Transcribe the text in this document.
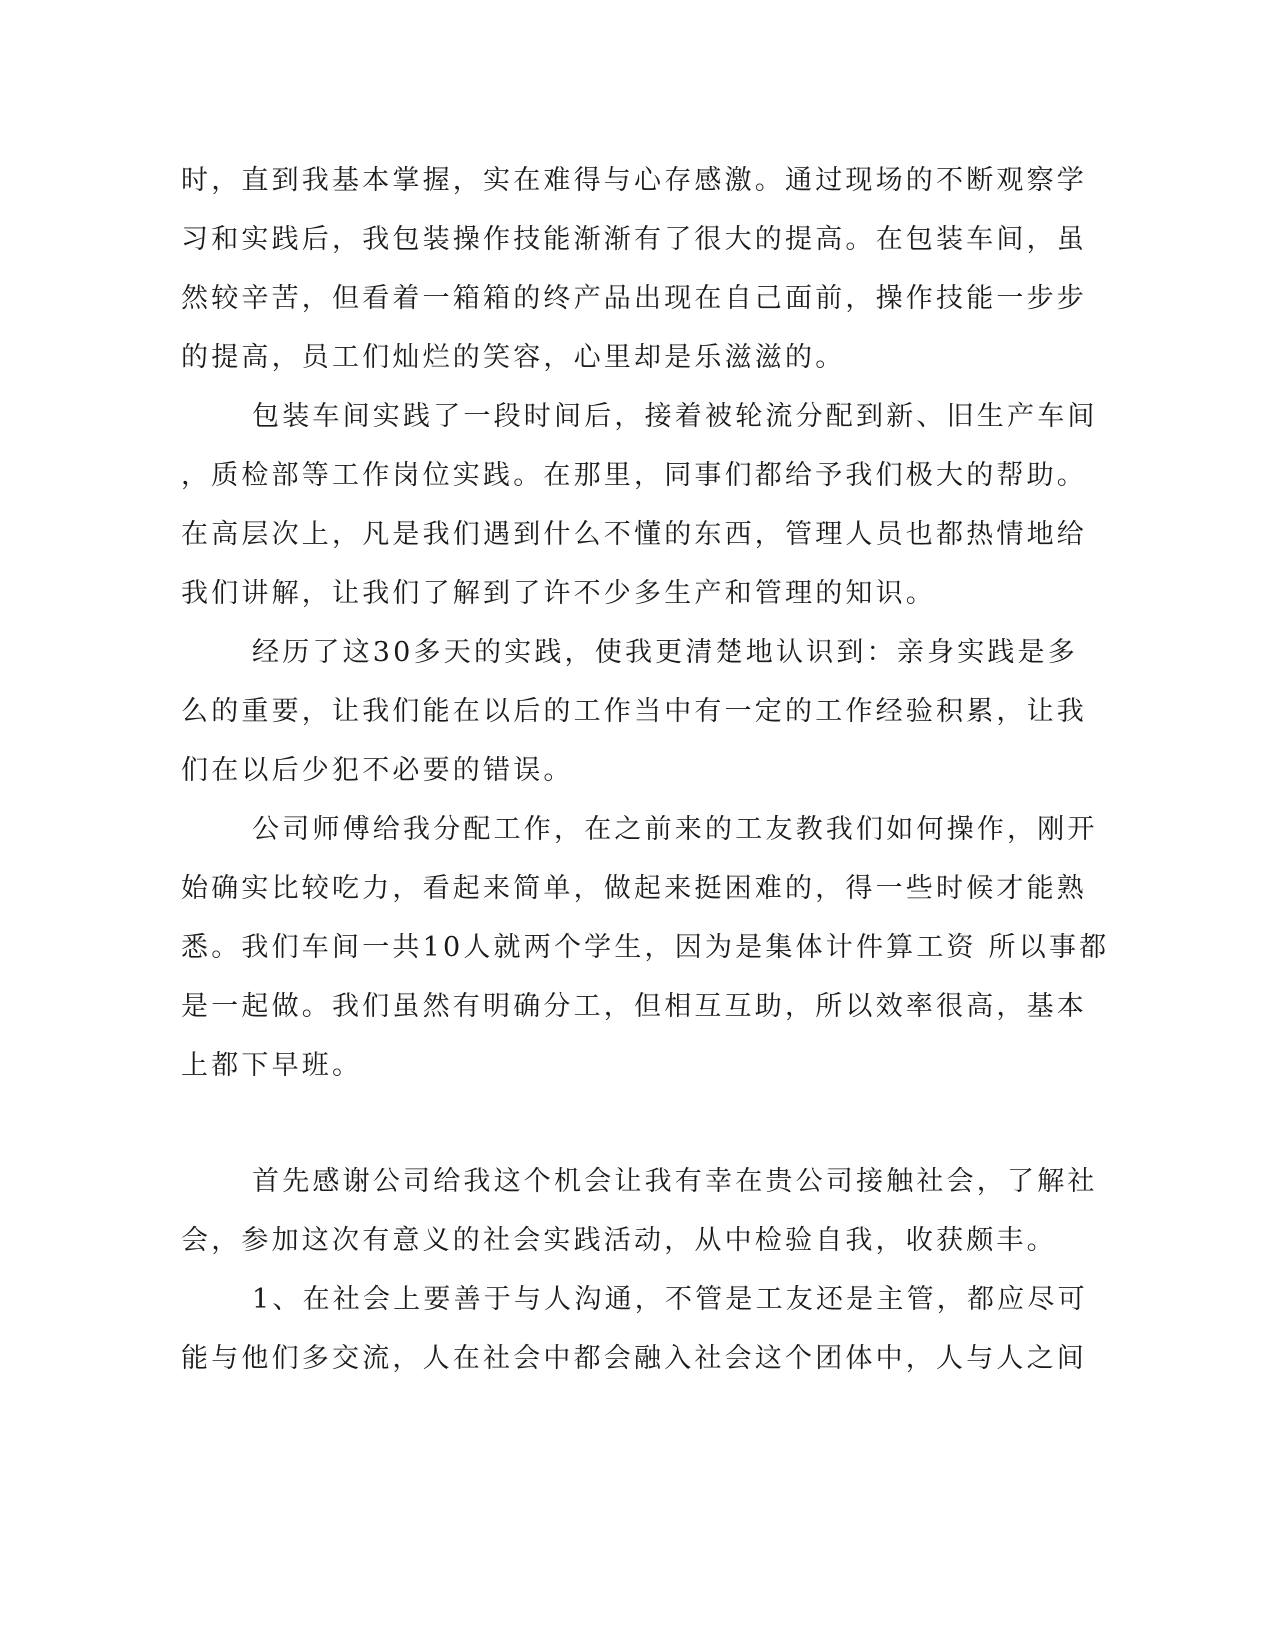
时，直到我基本掌握，实在难得与心存感激。通过现场的不断观察学
习和实践后，我包装操作技能渐渐有了很大的提高。在包装车间，虽
然较辛苦，但看着一箱箱的终产品出现在自己面前，操作技能一步步
的提高，员工们灿烂的笑容，心里却是乐滋滋的。
包装车间实践了一段时间后，接着被轮流分配到新、旧生产车间
，质检部等工作岗位实践。在那里，同事们都给予我们极大的帮助。
在高层次上，凡是我们遇到什么不懂的东西，管理人员也都热情地给
我们讲解，让我们了解到了许不少多生产和管理的知识。
经历了这30多天的实践，使我更清楚地认识到：亲身实践是多
么的重要，让我们能在以后的工作当中有一定的工作经验积累，让我
们在以后少犯不必要的错误。
公司师傅给我分配工作，在之前来的工友教我们如何操作，刚开
始确实比较吃力，看起来简单，做起来挺困难的，得一些时候才能熟
悉。我们车间一共10人就两个学生，因为是集体计件算工资 所以事都
是一起做。我们虽然有明确分工，但相互互助，所以效率很高，基本
上都下早班。
首先感谢公司给我这个机会让我有幸在贵公司接触社会，了解社
会，参加这次有意义的社会实践活动，从中检验自我，收获颇丰。
1、在社会上要善于与人沟通，不管是工友还是主管，都应尽可
能与他们多交流，人在社会中都会融入社会这个团体中，人与人之间
